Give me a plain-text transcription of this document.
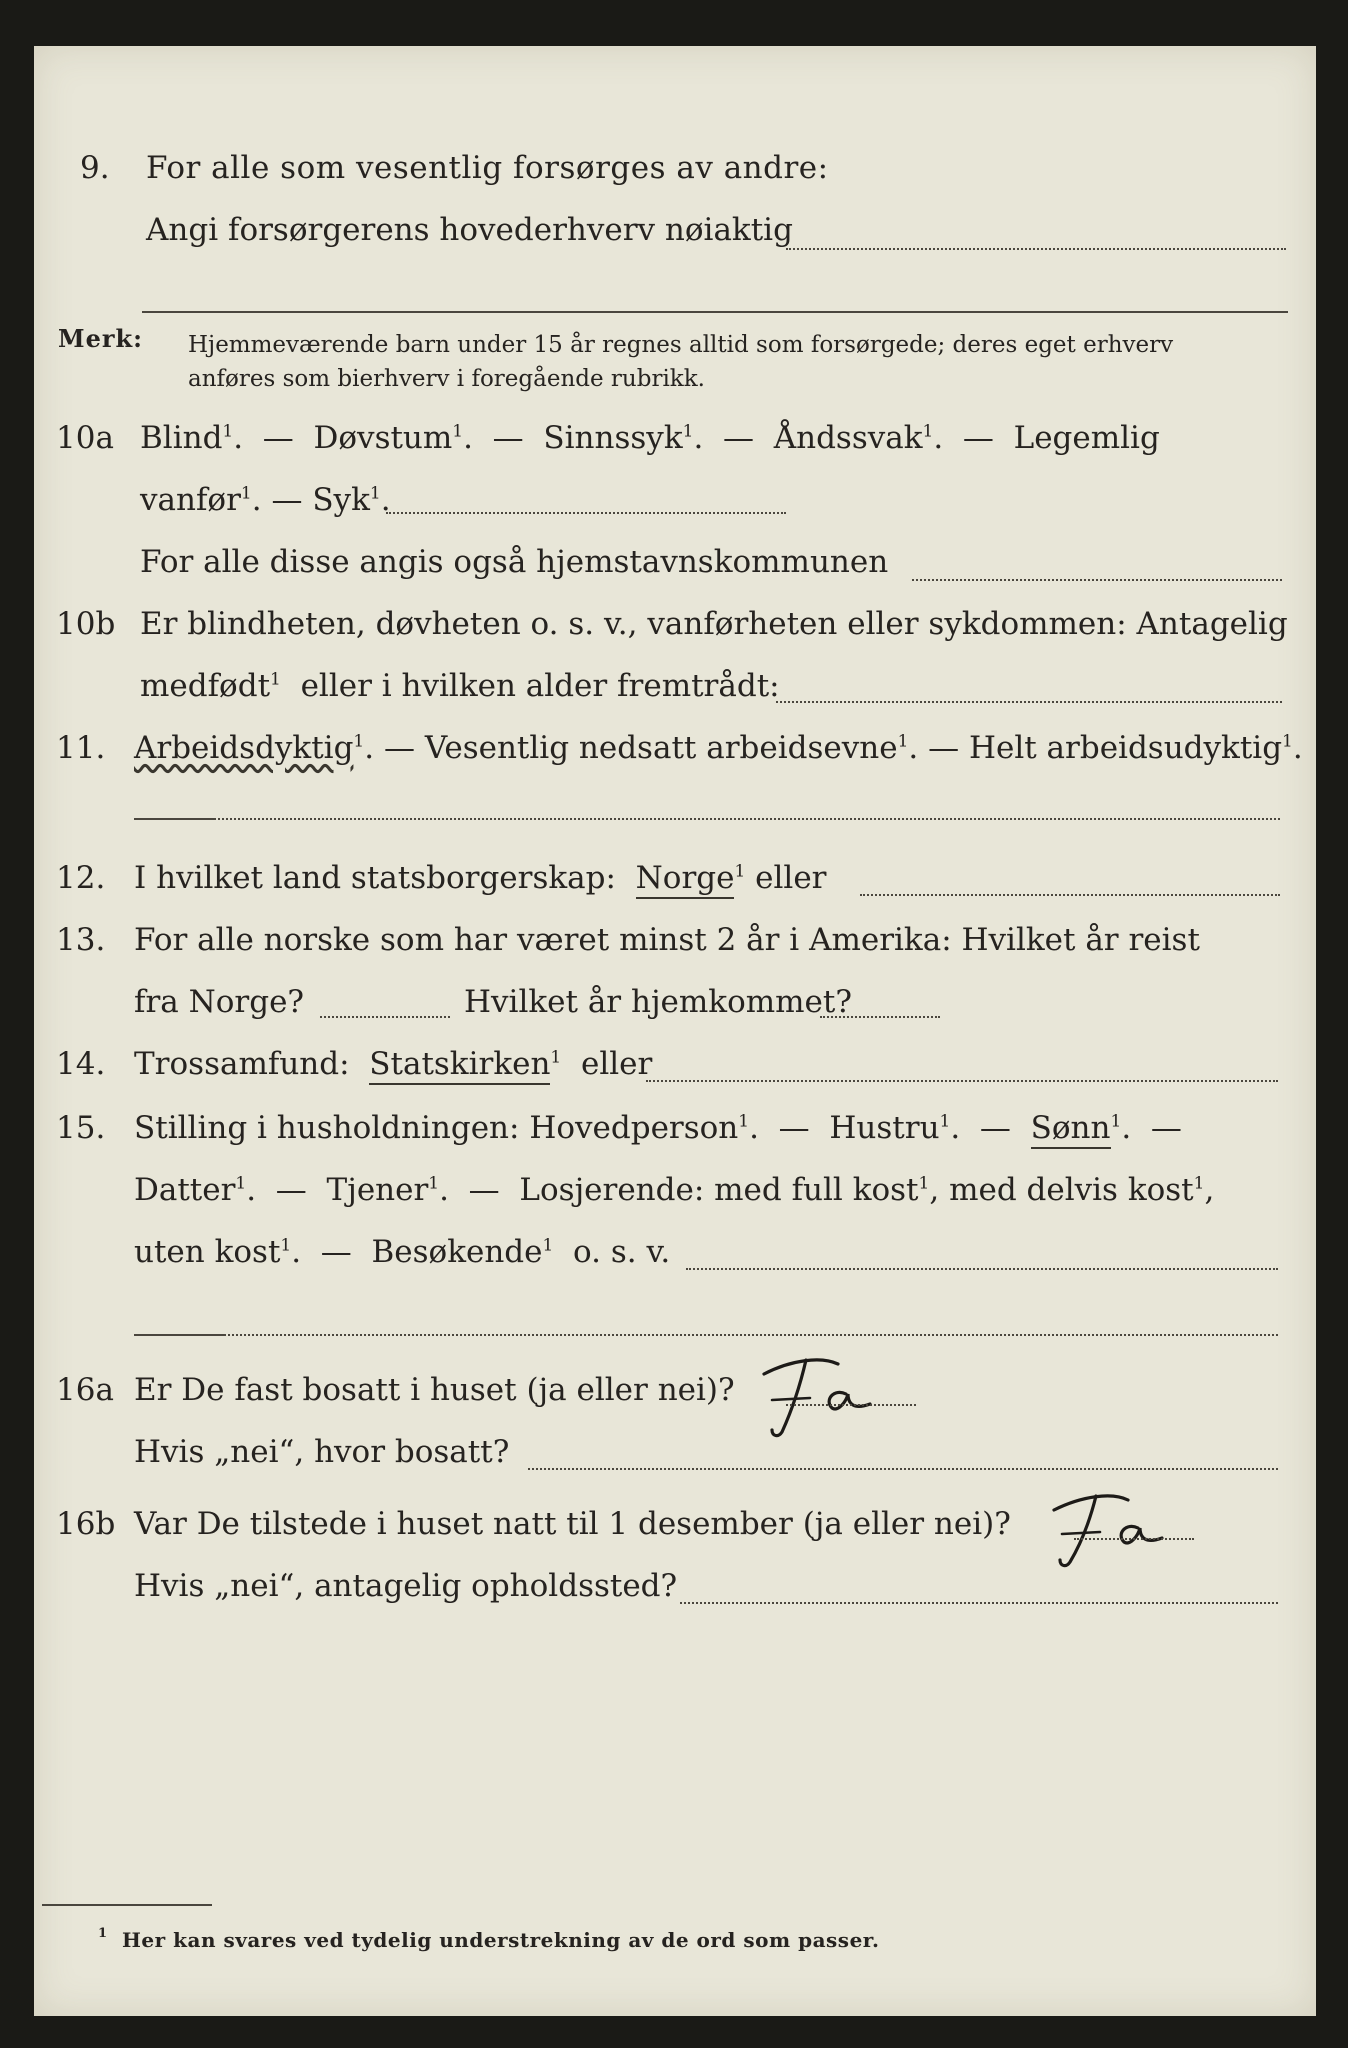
9. For alle som vesentlig forsørges av andre:
Angi forsørgerens hovederhverv nøiaktig
Merk: Hjemmeværende barn under 15 år regnes alltid som forsørgede; deres eget erhverv
anføres som bierhverv i foregående rubrikk.
10a Blind$^1$.  —  Døvstum$^1$.  —  Sinnssyk$^1$.  —  Åndssvak$^1$.  —  Legemlig
vanfør$^1$. — Syk$^1$.
For alle disse angis også hjemstavnskommunen
10b Er blindheten, døvheten o. s. v., vanførheten eller sykdommen: Antagelig
medfødt$^1$ eller i hvilken alder fremtrådt:
11. Arbeidsdyktig$^1$. — Vesentlig nedsatt arbeidsevne$^1$. — Helt arbeidsudyktig$^1$.
12. I hvilket land statsborgerskap: Norge$^1$ eller
13. For alle norske som har været minst 2 år i Amerika: Hvilket år reist
fra Norge?	Hvilket år hjemkommet?
14. Trossamfund: Statskirken$^1$ eller
15. Stilling i husholdningen: Hovedperson$^1$.  —  Hustru$^1$.  —  Sønn$^1$.  —
Datter$^1$.  —  Tjener$^1$.  —  Losjerende: med full kost$^1$, med delvis kost$^1$,
uten kost$^1$.  —  Besøkende$^1$ o. s. v.
16a Er De fast bosatt i huset (ja eller nei)?
Hvis „nei“, hvor bosatt?
16b Var De tilstede i huset natt til 1 desember (ja eller nei)?
Hvis „nei“, antagelig opholdssted?
1 Her kan svares ved tydelig understrekning av de ord som passer.
